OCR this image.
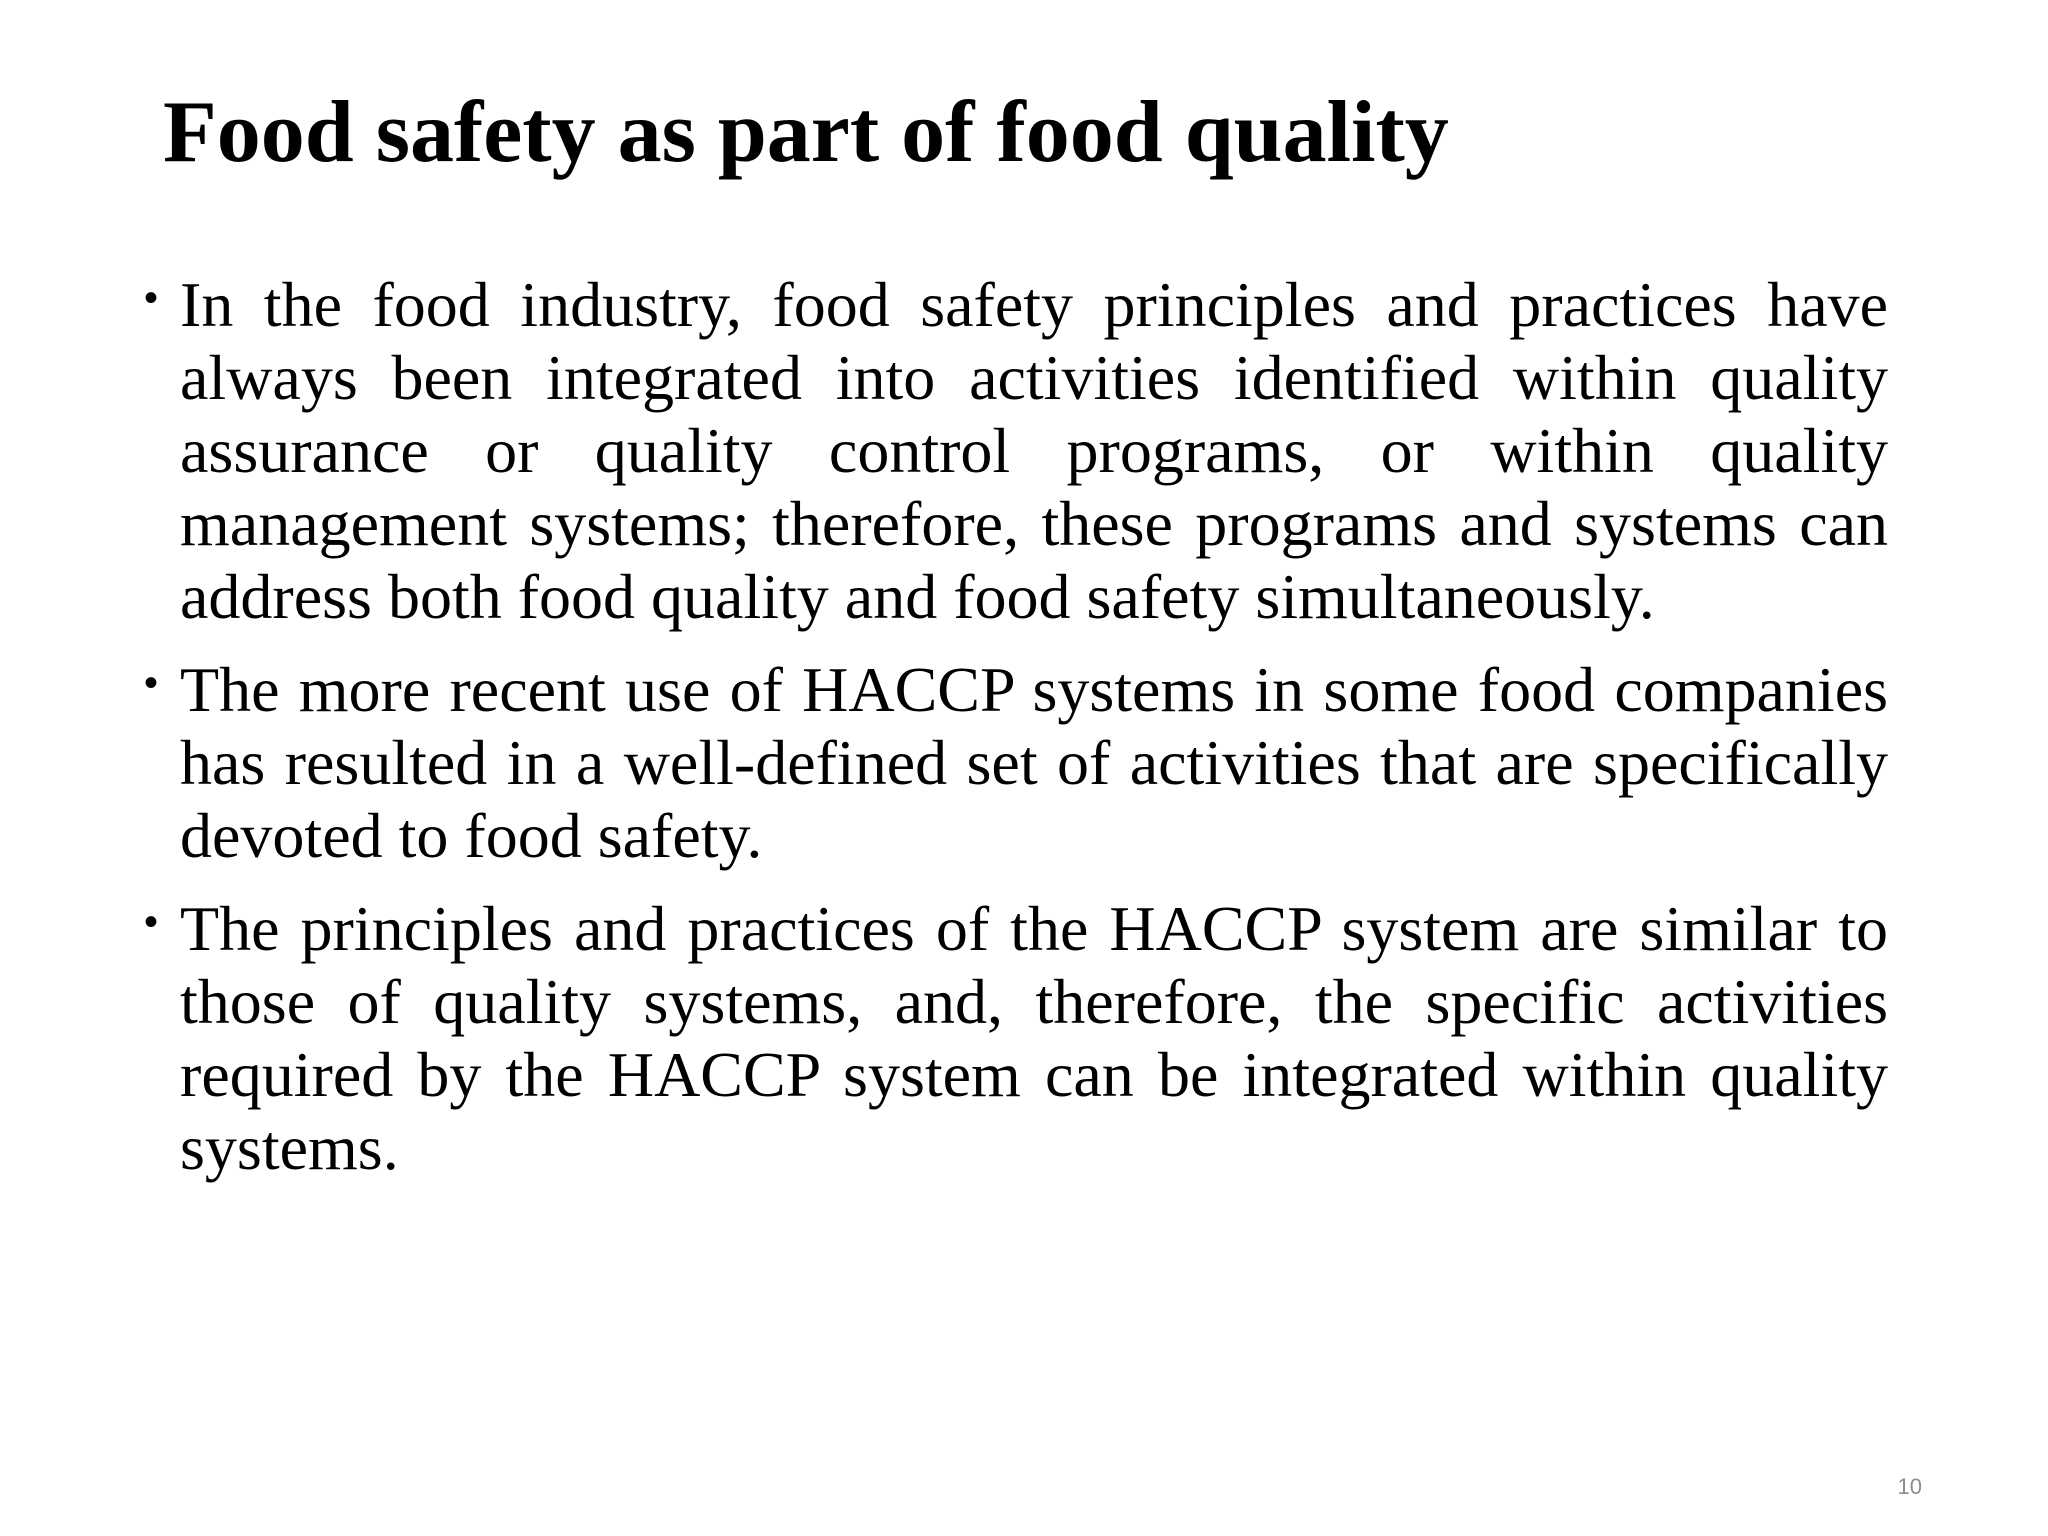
Food safety as part of food quality
• In the food industry, food safety principles and practices have always been integrated into activities identified within quality assurance or quality control programs, or within quality management systems; therefore, these programs and systems can address both food quality and food safety simultaneously.
• The more recent use of HACCP systems in some food companies has resulted in a well-defined set of activities that are specifically devoted to food safety.
• The principles and practices of the HACCP system are similar to those of quality systems, and, therefore, the specific activities required by the HACCP system can be integrated within quality systems.
10
